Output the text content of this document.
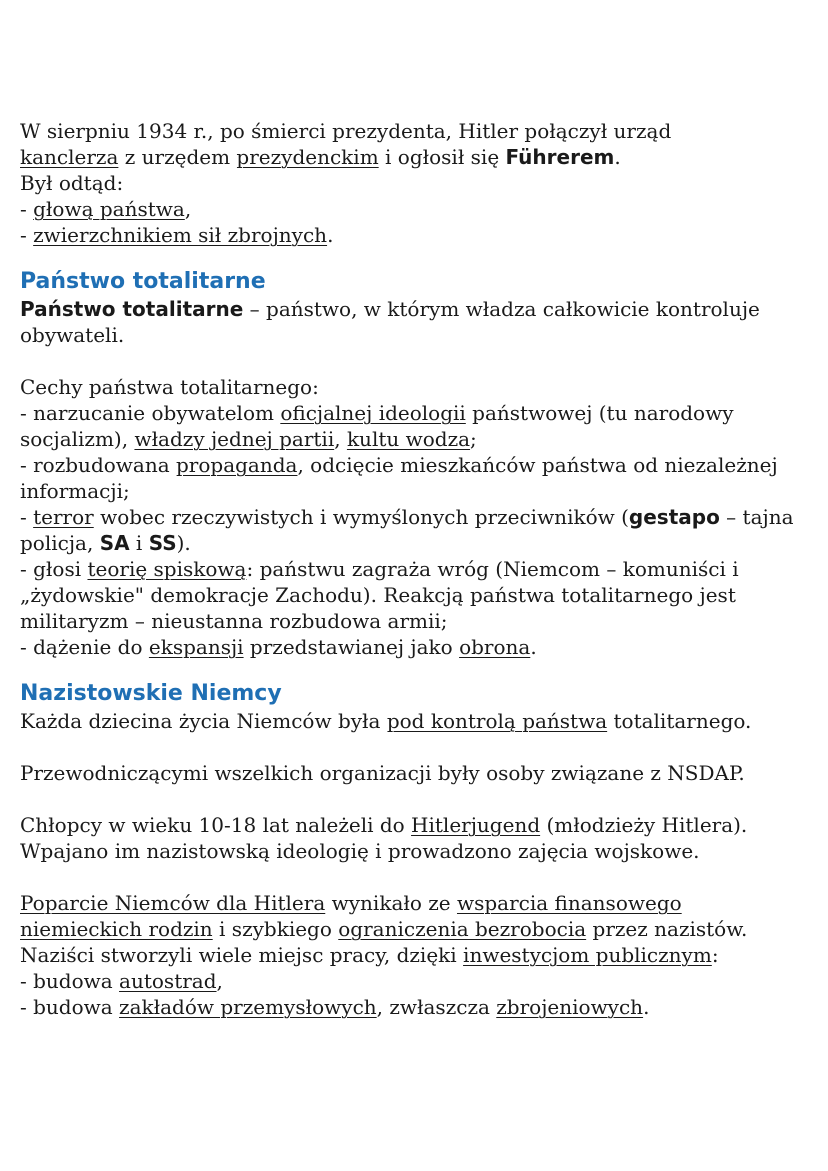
W sierpniu 1934 r., po śmierci prezydenta, Hitler połączył urząd
kanclerza z urzędem prezydenckim i ogłosił się Führerem.
Był odtąd:
- głową państwa,
- zwierzchnikiem sił zbrojnych.

Państwo totalitarne

Państwo totalitarne – państwo, w którym władza całkowicie kontroluje obywateli.

Cechy państwa totalitarnego:

- narzucanie obywatelom oficjalnej ideologii państwowej (tu narodowy socjalizm), władzy jednej partii, kultu wodza;

- rozbudowana propaganda, odcięcie mieszkańców państwa od niezależnej informacji;

- terror wobec rzeczywistych i wymyślonych przeciwników (gestapo – tajna policja, SA i SS).

- głosi teorię spiskową: państwu zagraża wróg (Niemcom – komuniści i „żydowskie" demokracje Zachodu). Reakcją państwa totalitarnego jest militaryzm – nieustanna rozbudowa armii;

- dążenie do ekspansji przedstawianej jako obrona.

Nazistowskie Niemcy

Każda dziecina życia Niemców była pod kontrolą państwa totalitarnego.

Przewodniczącymi wszelkich organizacji były osoby związane z NSDAP.

Chłopcy w wieku 10-18 lat należeli do Hitlerjugend (młodzieży Hitlera). Wpajano im nazistowską ideologię i prowadzono zajęcia wojskowe.

Poparcie Niemców dla Hitlera wynikało ze wsparcia finansowego niemieckich rodzin i szybkiego ograniczenia bezrobocia przez nazistów.

Naziści stworzyli wiele miejsc pracy, dzięki inwestycjom publicznym:

- budowa autostrad,

- budowa zakładów przemysłowych, zwłaszcza zbrojeniowych.
